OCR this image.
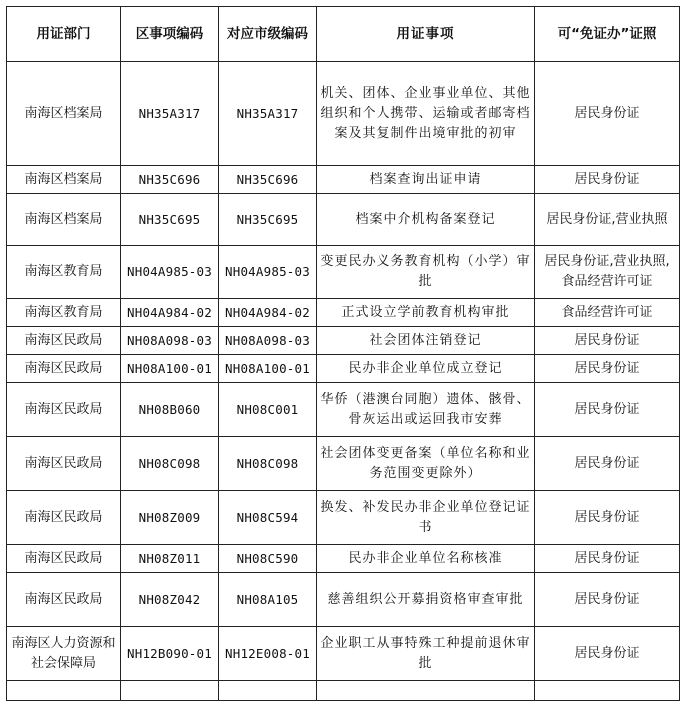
用证部门	区事项编码	对应市级编码	用证事项	可“免证办”证照
南海区档案局	NH35A317	NH35A317	机关、团体、企业事业单位、其他组织和个人携带、运输或者邮寄档案及其复制件出境审批的初审	居民身份证
南海区档案局	NH35C696	NH35C696	档案查询出证申请	居民身份证
南海区档案局	NH35C695	NH35C695	档案中介机构备案登记	居民身份证,营业执照
南海区教育局	NH04A985-03	NH04A985-03	变更民办义务教育机构（小学）审批	居民身份证,营业执照,食品经营许可证
南海区教育局	NH04A984-02	NH04A984-02	正式设立学前教育机构审批	食品经营许可证
南海区民政局	NH08A098-03	NH08A098-03	社会团体注销登记	居民身份证
南海区民政局	NH08A100-01	NH08A100-01	民办非企业单位成立登记	居民身份证
南海区民政局	NH08B060	NH08C001	华侨（港澳台同胞）遗体、骸骨、骨灰运出或运回我市安葬	居民身份证
南海区民政局	NH08C098	NH08C098	社会团体变更备案（单位名称和业务范围变更除外）	居民身份证
南海区民政局	NH08Z009	NH08C594	换发、补发民办非企业单位登记证书	居民身份证
南海区民政局	NH08Z011	NH08C590	民办非企业单位名称核准	居民身份证
南海区民政局	NH08Z042	NH08A105	慈善组织公开募捐资格审查审批	居民身份证
南海区人力资源和社会保障局	NH12B090-01	NH12E008-01	企业职工从事特殊工种提前退休审批	居民身份证
